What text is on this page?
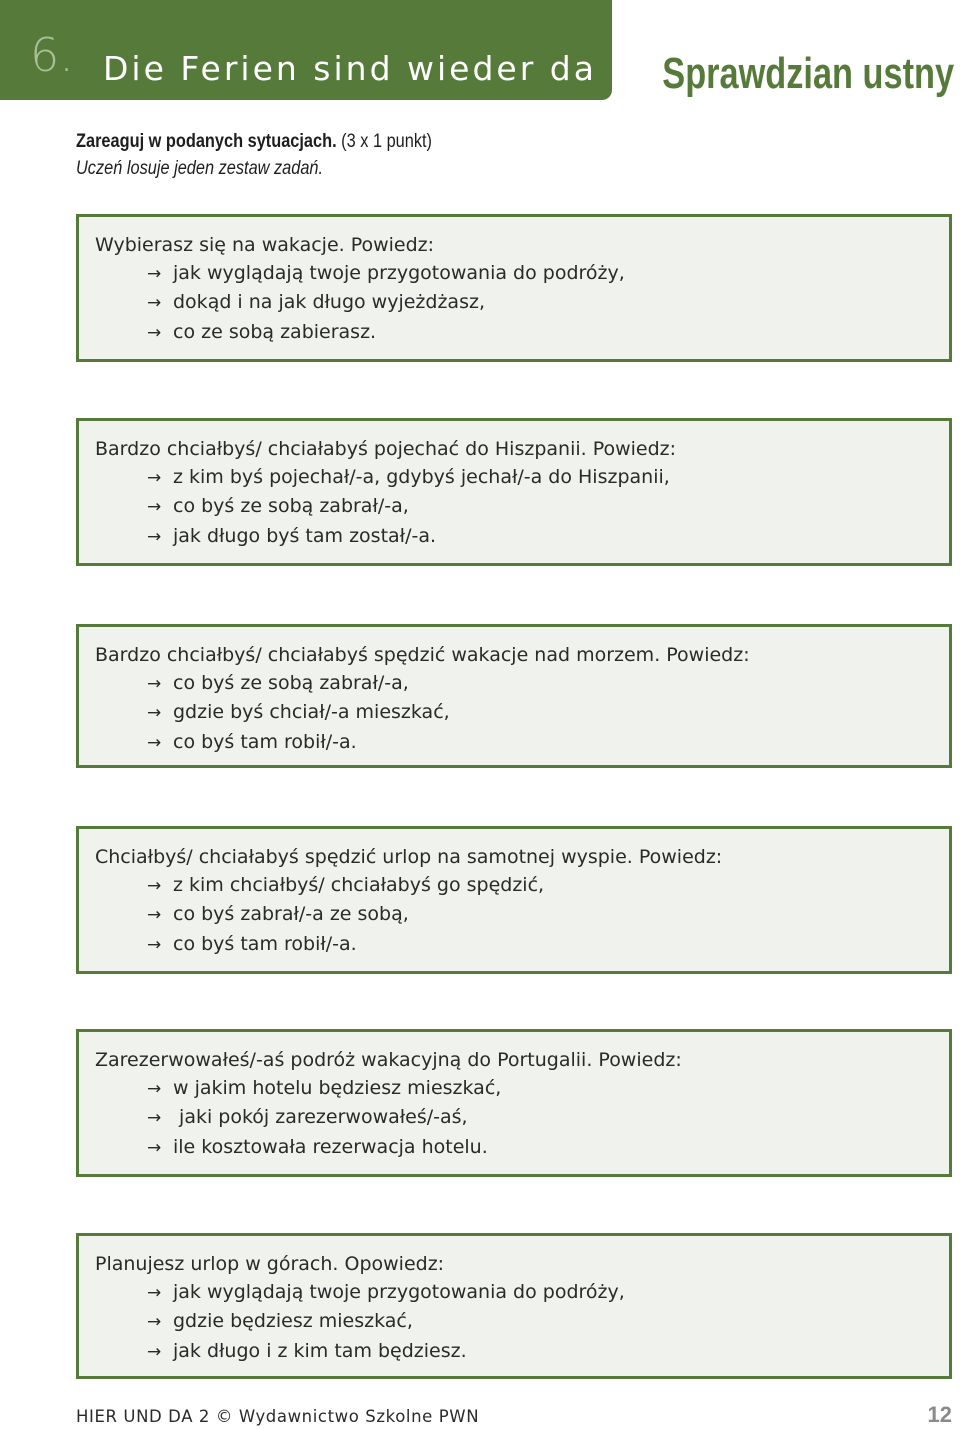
6. Die Ferien sind wieder da Sprawdzian ustny
Zareaguj w podanych sytuacjach. (3 x 1 punkt)
Uczeń losuje jeden zestaw zadań.
Wybierasz się na wakacje. Powiedz:
→ jak wyglądają twoje przygotowania do podróży,
→ dokąd i na jak długo wyjeżdżasz,
→ co ze sobą zabierasz.
Bardzo chciałbyś/ chciałabyś pojechać do Hiszpanii. Powiedz:
→ z kim byś pojechał/-a, gdybyś jechał/-a do Hiszpanii,
→ co byś ze sobą zabrał/-a,
→ jak długo byś tam został/-a.
Bardzo chciałbyś/ chciałabyś spędzić wakacje nad morzem. Powiedz:
→ co byś ze sobą zabrał/-a,
→ gdzie byś chciał/-a mieszkać,
→ co byś tam robił/-a.
Chciałbyś/ chciałabyś spędzić urlop na samotnej wyspie. Powiedz:
→ z kim chciałbyś/ chciałabyś go spędzić,
→ co byś zabrał/-a ze sobą,
→ co byś tam robił/-a.
Zarezerwowałeś/-aś podróż wakacyjną do Portugalii. Powiedz:
→ w jakim hotelu będziesz mieszkać,
→ jaki pokój zarezerwowałeś/-aś,
→ ile kosztowała rezerwacja hotelu.
Planujesz urlop w górach. Opowiedz:
→ jak wyglądają twoje przygotowania do podróży,
→ gdzie będziesz mieszkać,
→ jak długo i z kim tam będziesz.
HIER UND DA 2 © Wydawnictwo Szkolne PWN	12
